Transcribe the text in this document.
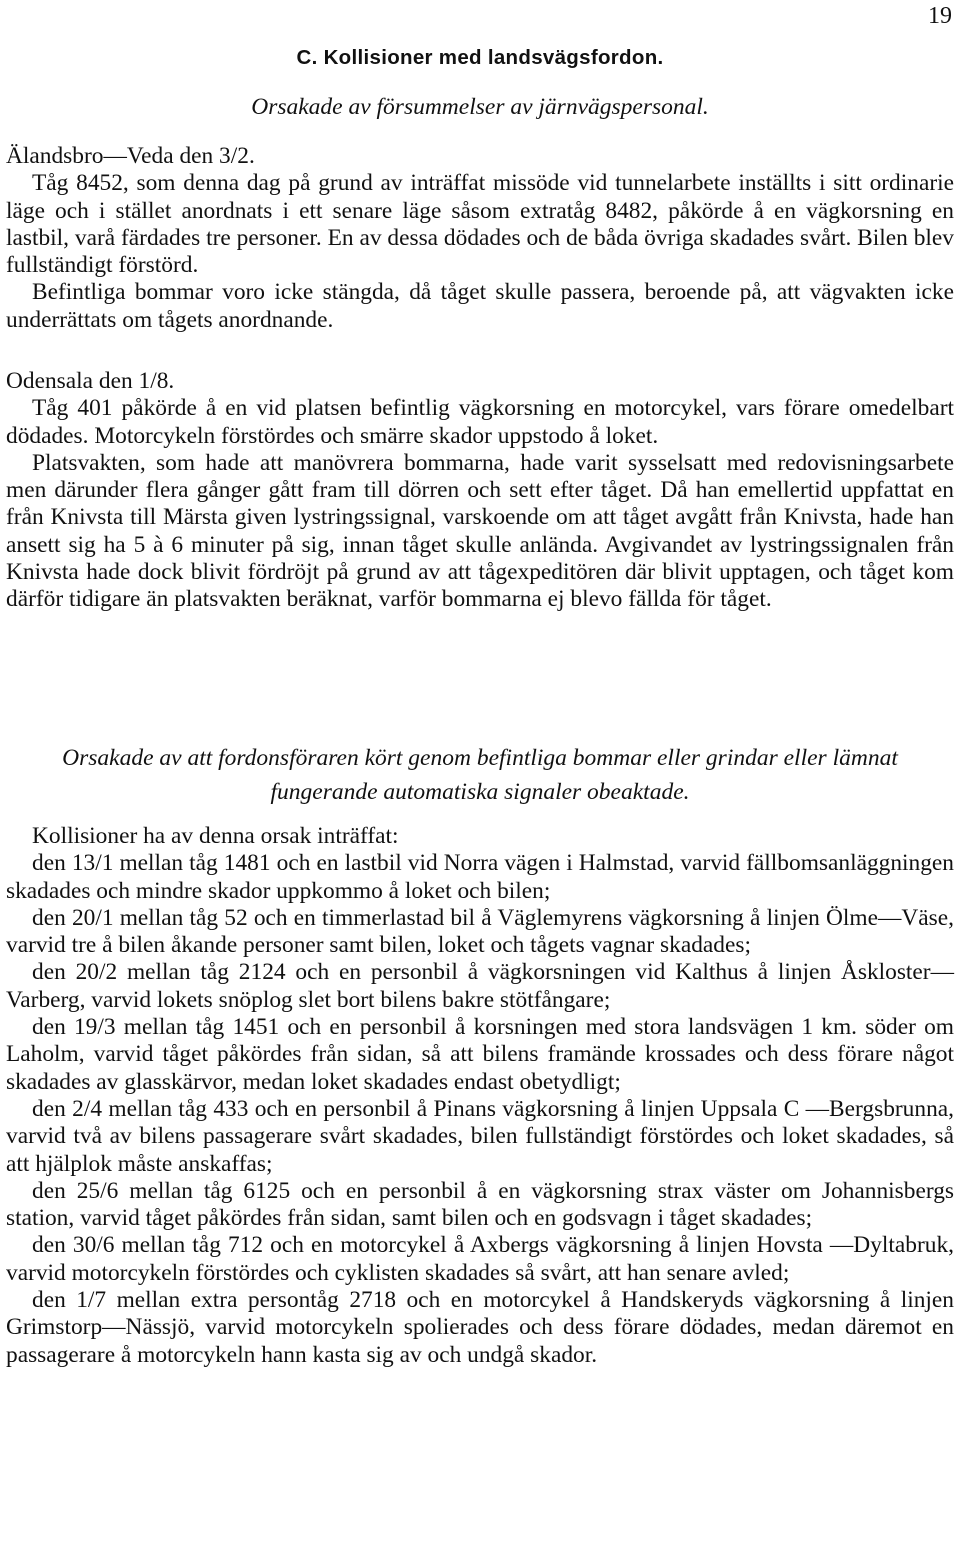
19
C. Kollisioner med landsvägsfordon.
Orsakade av försummelser av järnvägspersonal.
Älandsbro—Veda den 3/2.

Tåg 8452, som denna dag på grund av inträffat missöde vid tunnelarbete inställts i sitt ordinarie läge och i stället anordnats i ett senare läge såsom extratåg 8482, påkörde å en vägkorsning en lastbil, varå färdades tre personer. En av dessa dödades och de båda övriga skadades svårt. Bilen blev fullständigt förstörd.

Befintliga bommar voro icke stängda, då tåget skulle passera, beroende på, att vägvakten icke underrättats om tågets anordnande.

Odensala den 1/8.

Tåg 401 påkörde å en vid platsen befintlig vägkorsning en motorcykel, vars förare omedelbart dödades. Motorcykeln förstördes och smärre skador uppstodo å loket.

Platsvakten, som hade att manövrera bommarna, hade varit sysselsatt med redovisningsarbete men därunder flera gånger gått fram till dörren och sett efter tåget. Då han emellertid uppfattat en från Knivsta till Märsta given lystringssignal, varskoende om att tåget avgått från Knivsta, hade han ansett sig ha 5 à 6 minuter på sig, innan tåget skulle anlända. Avgivandet av lystringssignalen från Knivsta hade dock blivit fördröjt på grund av att tågexpeditören där blivit upptagen, och tåget kom därför tidigare än platsvakten beräknat, varför bommarna ej blevo fällda för tåget.

Orsakade av att fordonsföraren kört genom befintliga bommar eller grindar eller lämnat
fungerande automatiska signaler obeaktade.

Kollisioner ha av denna orsak inträffat:

den 13/1 mellan tåg 1481 och en lastbil vid Norra vägen i Halmstad, varvid fällbomsanläggningen skadades och mindre skador uppkommo å loket och bilen;

den 20/1 mellan tåg 52 och en timmerlastad bil å Väglemyrens vägkorsning å linjen Ölme—Väse, varvid tre å bilen åkande personer samt bilen, loket och tågets vagnar skadades;

den 20/2 mellan tåg 2124 och en personbil å vägkorsningen vid Kalthus å linjen Åskloster—Varberg, varvid lokets snöplog slet bort bilens bakre stötfångare;

den 19/3 mellan tåg 1451 och en personbil å korsningen med stora landsvägen 1 km. söder om Laholm, varvid tåget påkördes från sidan, så att bilens framände krossades och dess förare något skadades av glasskärvor, medan loket skadades endast obetydligt;

den 2/4 mellan tåg 433 och en personbil å Pinans vägkorsning å linjen Uppsala C —Bergsbrunna, varvid två av bilens passagerare svårt skadades, bilen fullständigt förstördes och loket skadades, så att hjälplok måste anskaffas;

den 25/6 mellan tåg 6125 och en personbil å en vägkorsning strax väster om Johannisbergs station, varvid tåget påkördes från sidan, samt bilen och en godsvagn i tåget skadades;

den 30/6 mellan tåg 712 och en motorcykel å Axbergs vägkorsning å linjen Hovsta —Dyltabruk, varvid motorcykeln förstördes och cyklisten skadades så svårt, att han senare avled;

den 1/7 mellan extra persontåg 2718 och en motorcykel å Handskeryds vägkorsning å linjen Grimstorp—Nässjö, varvid motorcykeln spolierades och dess förare dödades, medan däremot en passagerare å motorcykeln hann kasta sig av och undgå skador.
